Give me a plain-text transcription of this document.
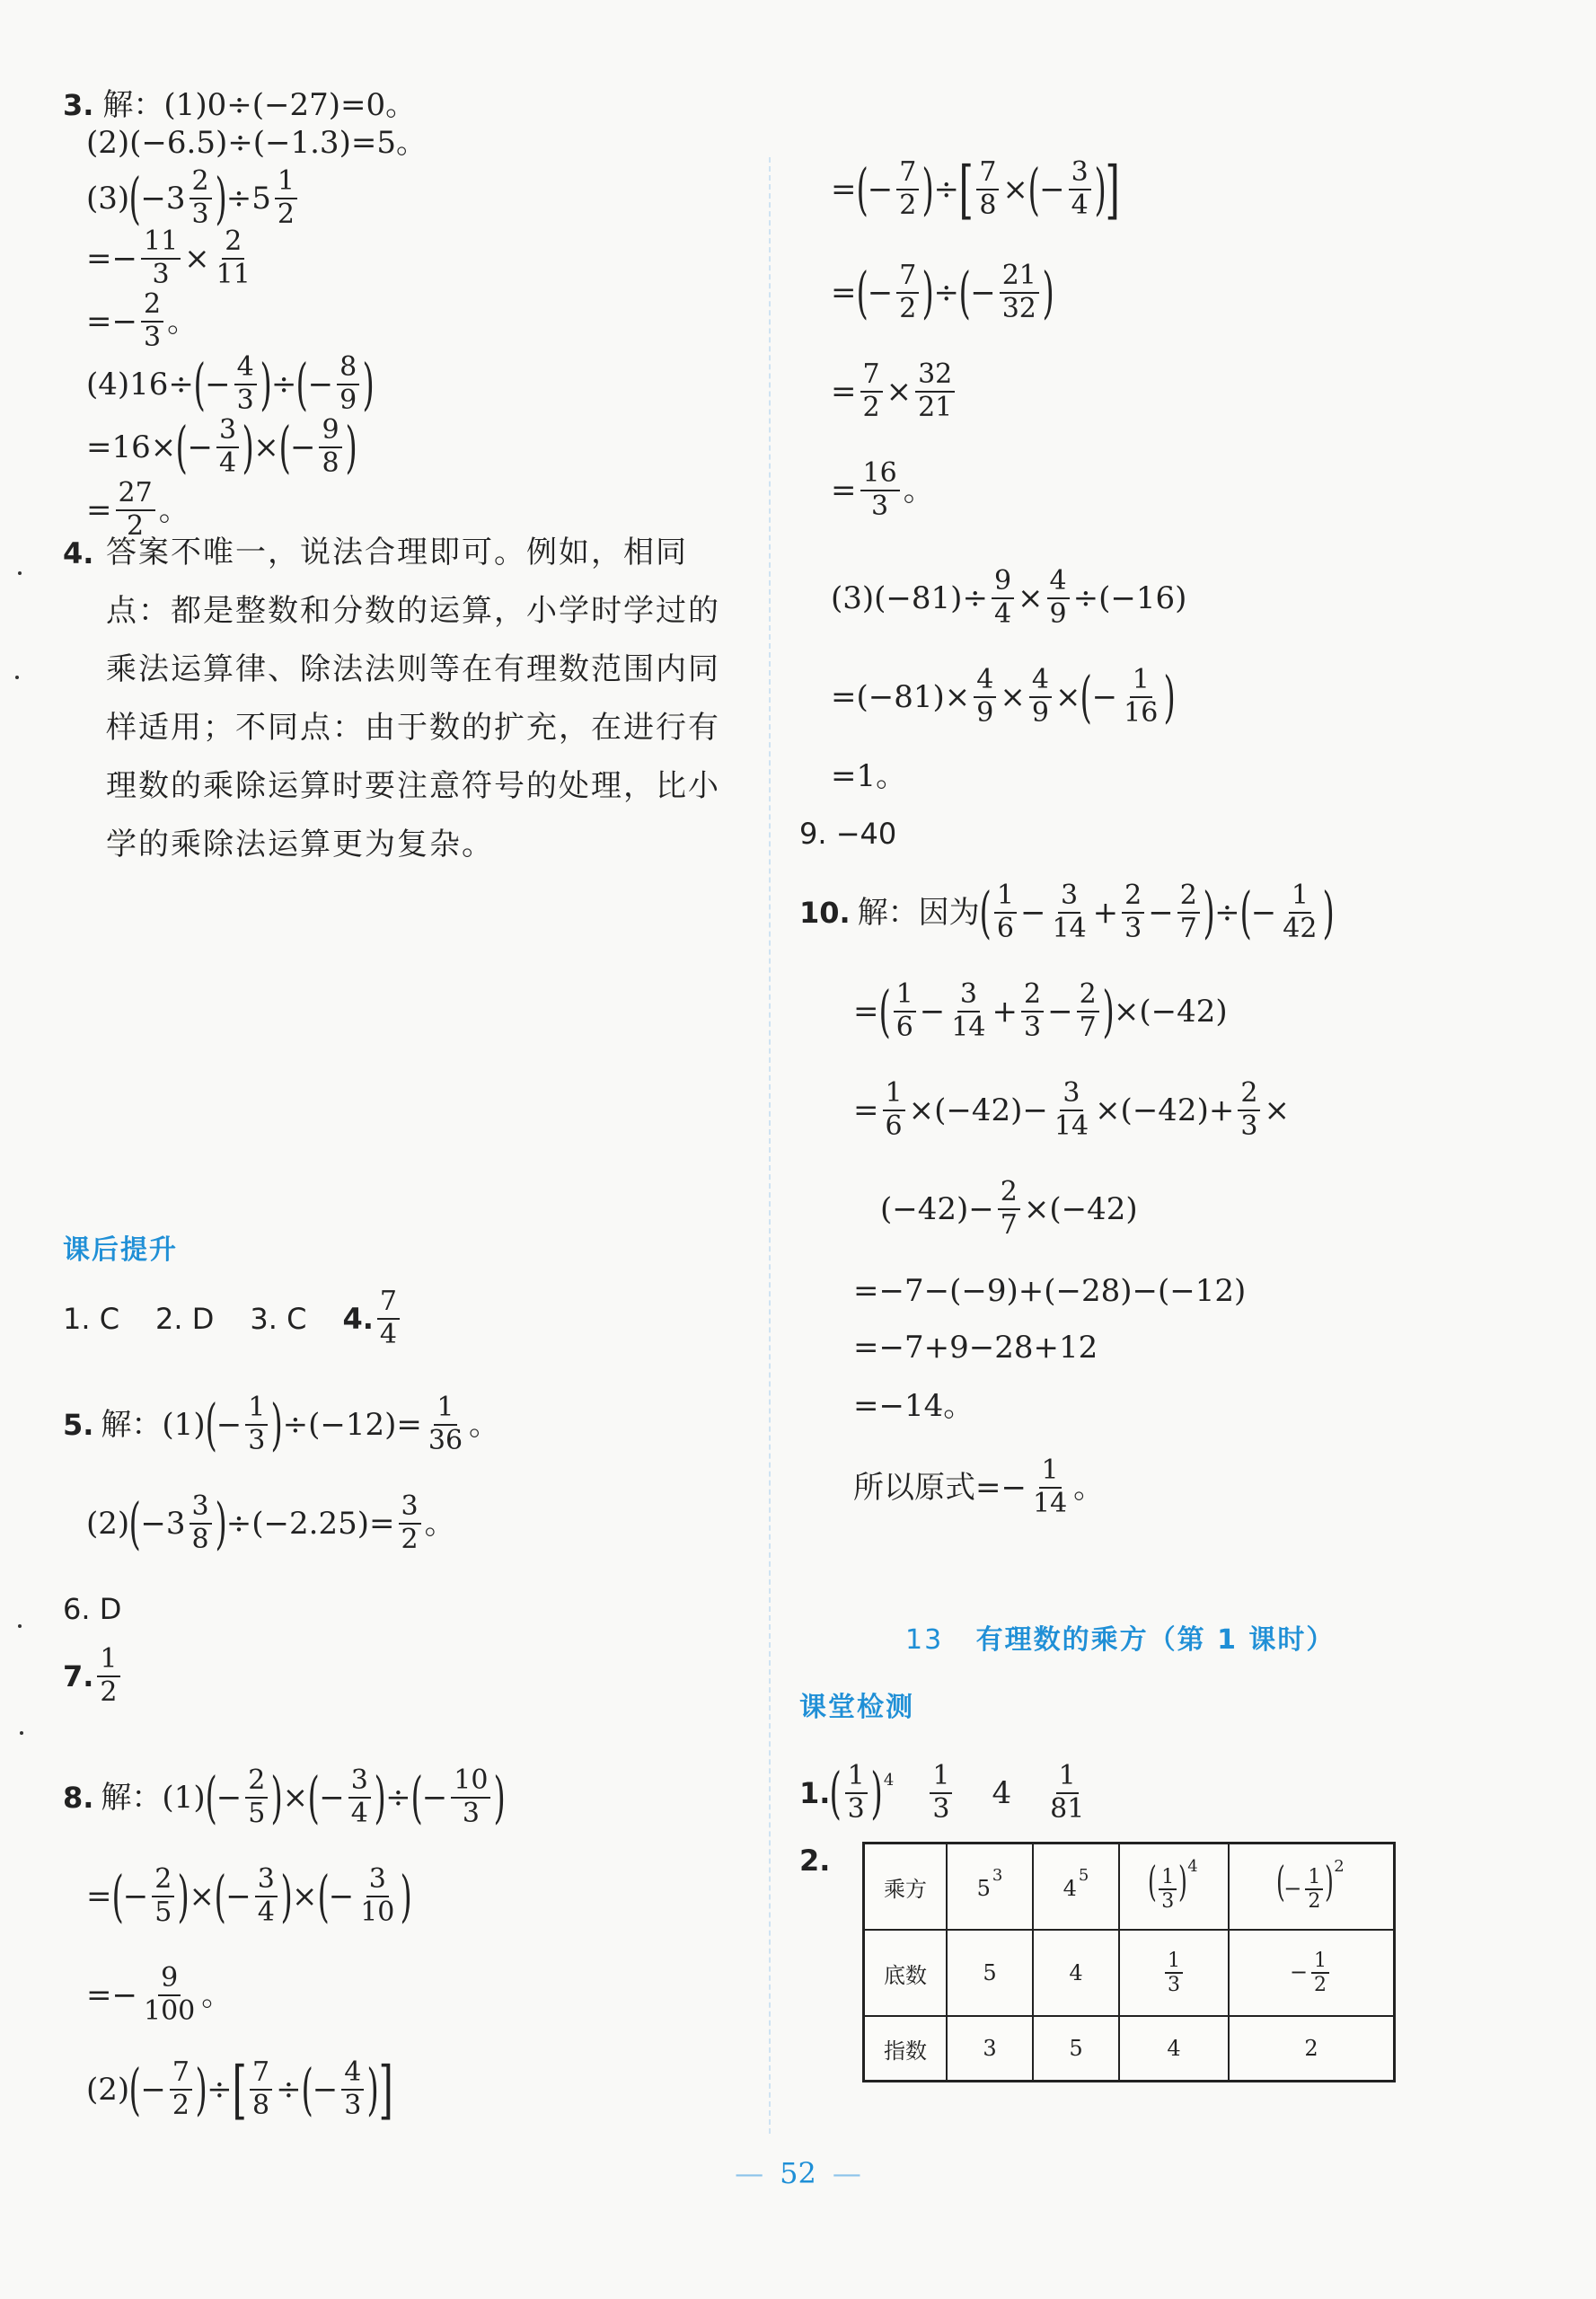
3. 解：(1)0÷(−27)=0。
(2)(−6.5)÷(−1.3)=5。
(3) ( $-3 \frac{2}{3}$ ) $\div 5 \frac{1}{2}$
=− $\frac{11}{3} \times \frac{2}{11}$
=− $\frac{2}{3}$ 。
(4)16÷ ( − $\frac{4}{3}$ ) ÷ ( − $\frac{8}{9}$ )
=16× ( − $\frac{3}{4}$ ) × ( − $\frac{9}{8}$ )
= $\frac{27}{2}$ 。
4. 答案不唯一，说法合理即可。例如，相同点：都是整数和分数的运算，小学时学过的乘法运算律、除法法则等在有理数范围内同样适用；不同点：由于数的扩充，在进行有理数的乘除运算时要注意符号的处理，比小学的乘除法运算更为复杂。
课后提升
1. C 2. D 3. C 4. $\frac{7}{4}$
5. 解：(1) ( − $\frac{1}{3}$ ) $\div(-12)= \frac{1}{36}$ 。
(2) ( $-3 \frac{3}{8}$ ) $\div(-2.25)= \frac{3}{2}$ 。
6. D
7. $\frac{1}{2}$
8. 解：(1) ( − $\frac{2}{5}$ ) × ( − $\frac{3}{4}$ ) ÷ ( − $\frac{10}{3}$ )
= ( − $\frac{2}{5}$ ) × ( − $\frac{3}{4}$ ) × ( − $\frac{3}{10}$ )
=− $\frac{9}{100}$ 。
(2) ( − $\frac{7}{2}$ ) ÷ [ $\frac{7}{8}$ ÷ ( − $\frac{4}{3}$ )
]
= ( − $\frac{7}{2}$ ) ÷ [ $\frac{7}{8}$ × ( − $\frac{3}{4}$ )
]
= ( − $\frac{7}{2}$ ) ÷ ( − $\frac{21}{32}$ )
= $\frac{7}{2} \times \frac{32}{21}$
= $\frac{16}{3}$ 。
$(3)(-81)\div \frac{9}{4} \times \frac{4}{9} \div(-16)$
$=(-81)\times \frac{4}{9} \times \frac{4}{9}$ × ( − $\frac{1}{16}$ )
=1。
9. −40
10. 解：因为 ( $\frac{1}{6} - \frac{3}{14} + \frac{2}{3} - \frac{2}{7}$ ) ÷ ( − $\frac{1}{42}$ )
= ( $\frac{1}{6} - \frac{3}{14} + \frac{2}{3} - \frac{2}{7}$ ) ×(−42)
= $\frac{1}{6} \times(-42) - \frac{3}{14} \times(-42) + \frac{2}{3}$ ×
$(-42)- \frac{2}{7} \times(-42)$
=−7−(−9)+(−28)−(−12)
=−7+9−28+12
=−14。
所以原式=− $\frac{1}{14}$ 。
13 有理数的乘方（第 1 课时）
课堂检测
1. ( $\frac{1}{3}$ ) $4 \frac{1}{3} 4 \frac{1}{81}$
2.
乘方	$5^3$	$4^5$	( $\frac{1}{3} )^4$	(− $\frac{1}{2} )^2$
底数	5	4	$\frac{1}{3}$	− $\frac{1}{2}$

指数	3	5	4	2
— 52 —
